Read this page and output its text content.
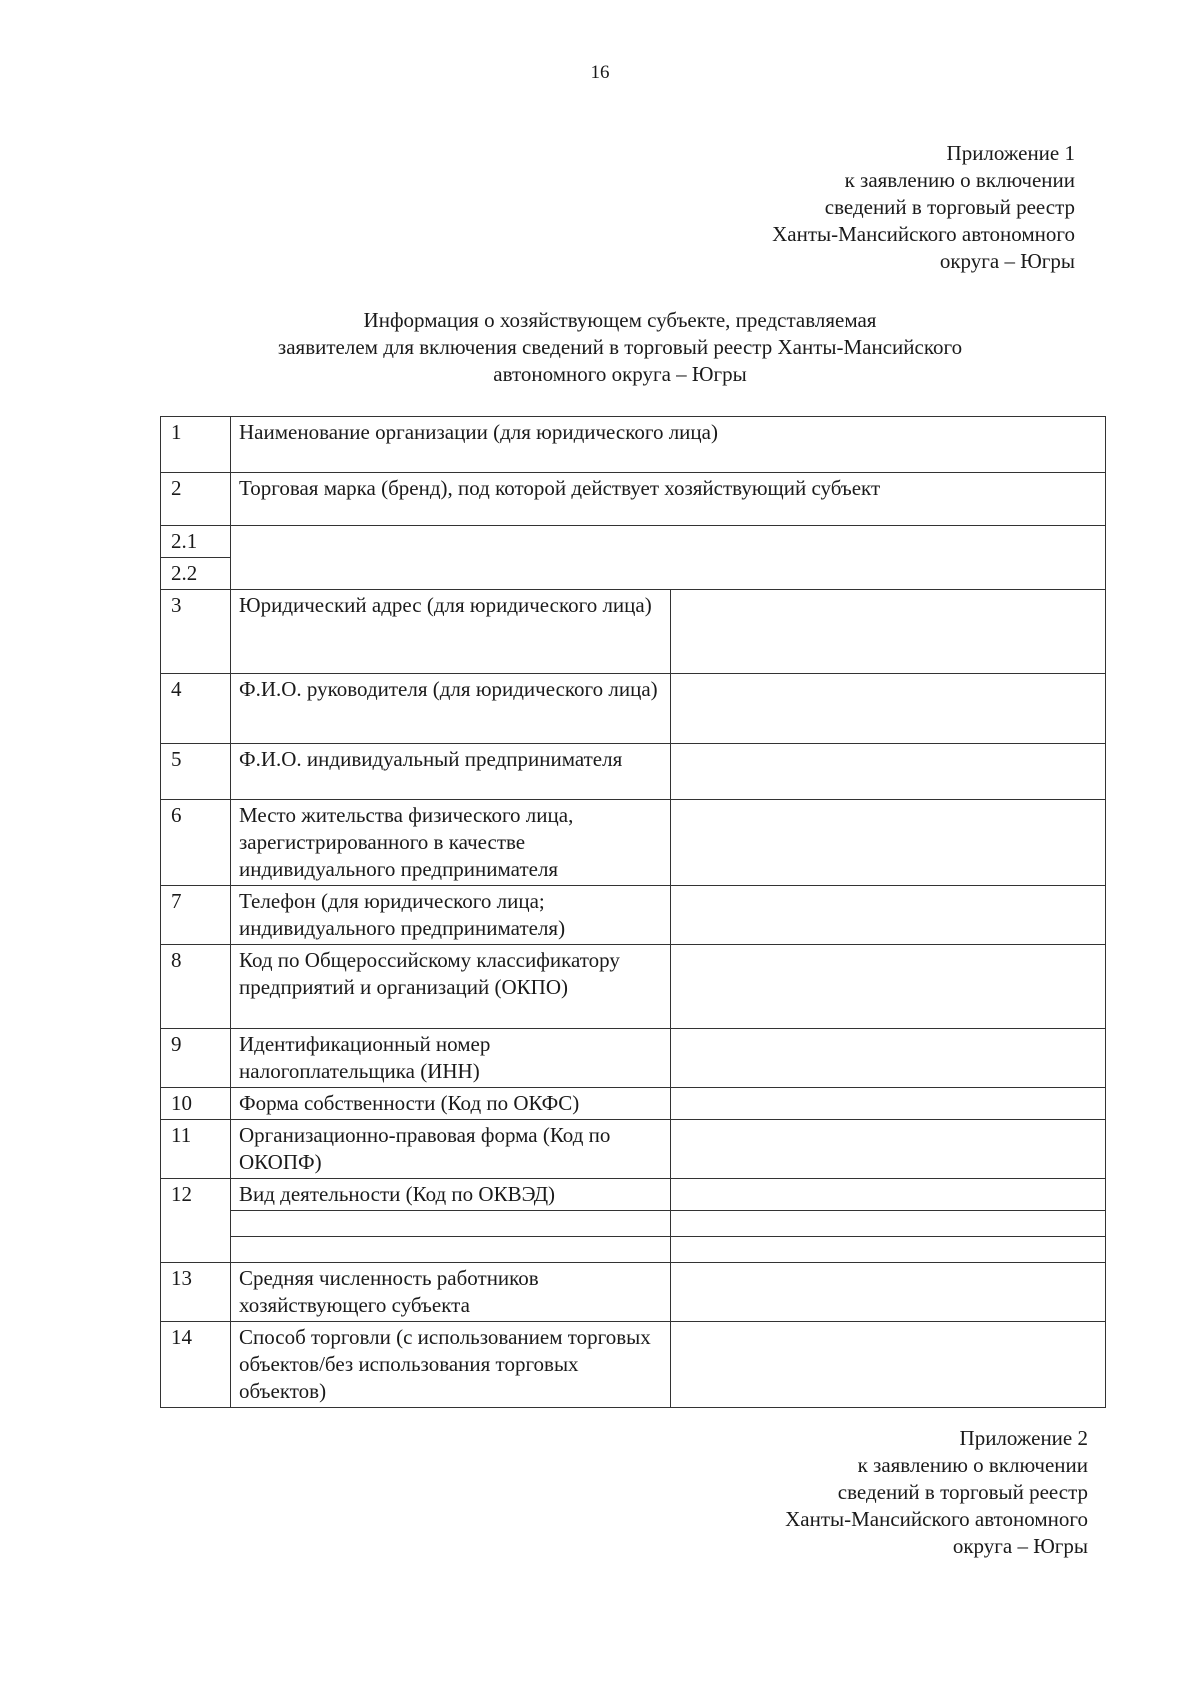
16
Приложение 1
к заявлению о включении
сведений в торговый реестр
Ханты-Мансийского автономного
округа – Югры
Информация о хозяйствующем субъекте, представляемая
заявителем для включения сведений в торговый реестр Ханты-Мансийского
автономного округа – Югры
1	Наименование организации (для юридического лица)	
2	Торговая марка (бренд), под которой действует хозяйствующий субъект	
2.1		
2.2		
3	Юридический адрес (для юридического лица)	
4	Ф.И.О. руководителя (для юридического лица)	
5	Ф.И.О. индивидуальный предпринимателя	
6	Место жительства физического лица, зарегистрированного в качестве индивидуального предпринимателя	
7	Телефон (для юридического лица; индивидуального предпринимателя)	
8	Код по Общероссийскому классификатору предприятий и организаций (ОКПО)	
9	Идентификационный номер налогоплательщика (ИНН)	
10	Форма собственности (Код по ОКФС)	
11	Организационно-правовая форма (Код по ОКОПФ)	
12	Вид деятельности (Код по ОКВЭД)	

13	Средняя численность работников хозяйствующего субъекта	
14	Способ торговли (с использованием торговых объектов/без использования торговых объектов)	
Приложение 2
к заявлению о включении
сведений в торговый реестр
Ханты-Мансийского автономного
округа – Югры
